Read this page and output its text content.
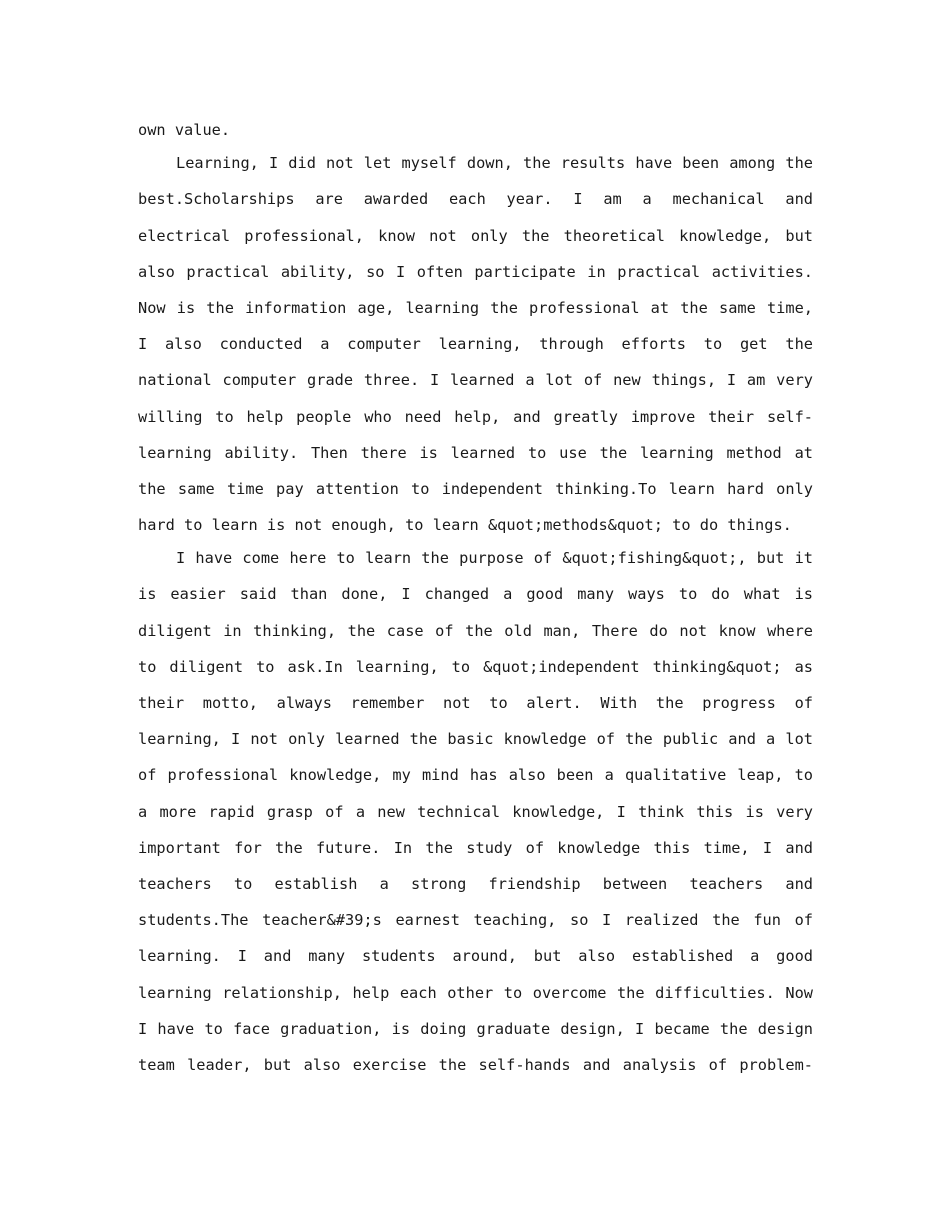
own value.
Learning, I did not let myself down, the results have been among the
best.Scholarships are awarded each year. I am a mechanical and
electrical professional, know not only the theoretical knowledge, but
also practical ability, so I often participate in practical activities.
Now is the information age, learning the professional at the same time,
I also conducted a computer learning, through efforts to get the
national computer grade three. I learned a lot of new things, I am very
willing to help people who need help, and greatly improve their self-
learning ability. Then there is learned to use the learning method at
the same time pay attention to independent thinking.To learn hard only
hard to learn is not enough, to learn &quot;methods&quot; to do things.
I have come here to learn the purpose of &quot;fishing&quot;, but it
is easier said than done, I changed a good many ways to do what is
diligent in thinking, the case of the old man, There do not know where
to diligent to ask.In learning, to &quot;independent thinking&quot; as
their motto, always remember not to alert. With the progress of
learning, I not only learned the basic knowledge of the public and a lot
of professional knowledge, my mind has also been a qualitative leap, to
a more rapid grasp of a new technical knowledge, I think this is very
important for the future. In the study of knowledge this time, I and
teachers to establish a strong friendship between teachers and
students.The teacher&#39;s earnest teaching, so I realized the fun of
learning. I and many students around, but also established a good
learning relationship, help each other to overcome the difficulties. Now
I have to face graduation, is doing graduate design, I became the design
team leader, but also exercise the self-hands and analysis of problem-
